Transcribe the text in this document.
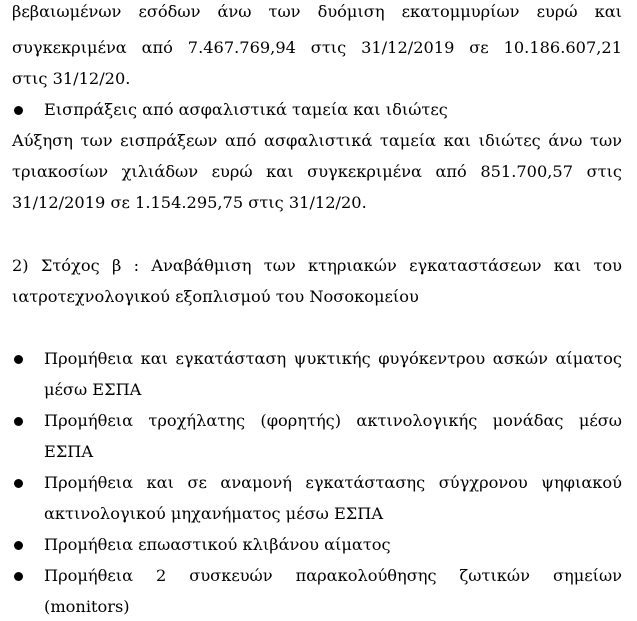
βεβαιωμένων εσόδων άνω των δυόμιση εκατομμυρίων ευρώ και
συγκεκριμένα από 7.467.769,94 στις 31/12/2019 σε 10.186.607,21
στις 31/12/20.
Εισπράξεις από ασφαλιστικά ταμεία και ιδιώτες
Αύξηση των εισπράξεων από ασφαλιστικά ταμεία και ιδιώτες άνω των
τριακοσίων χιλιάδων ευρώ και συγκεκριμένα από 851.700,57 στις
31/12/2019 σε 1.154.295,75 στις 31/12/20.
2) Στόχος β : Αναβάθμιση των κτηριακών εγκαταστάσεων και του
ιατροτεχνολογικού εξοπλισμού του Νοσοκομείου
Προμήθεια και εγκατάσταση ψυκτικής φυγόκεντρου ασκών αίματος
μέσω ΕΣΠΑ
Προμήθεια τροχήλατης (φορητής) ακτινολογικής μονάδας μέσω
ΕΣΠΑ
Προμήθεια και σε αναμονή εγκατάστασης σύγχρονου ψηφιακού
ακτινολογικού μηχανήματος μέσω ΕΣΠΑ
Προμήθεια επωαστικού κλιβάνου αίματος
Προμήθεια 2 συσκευών παρακολούθησης ζωτικών σημείων
(monitors)
